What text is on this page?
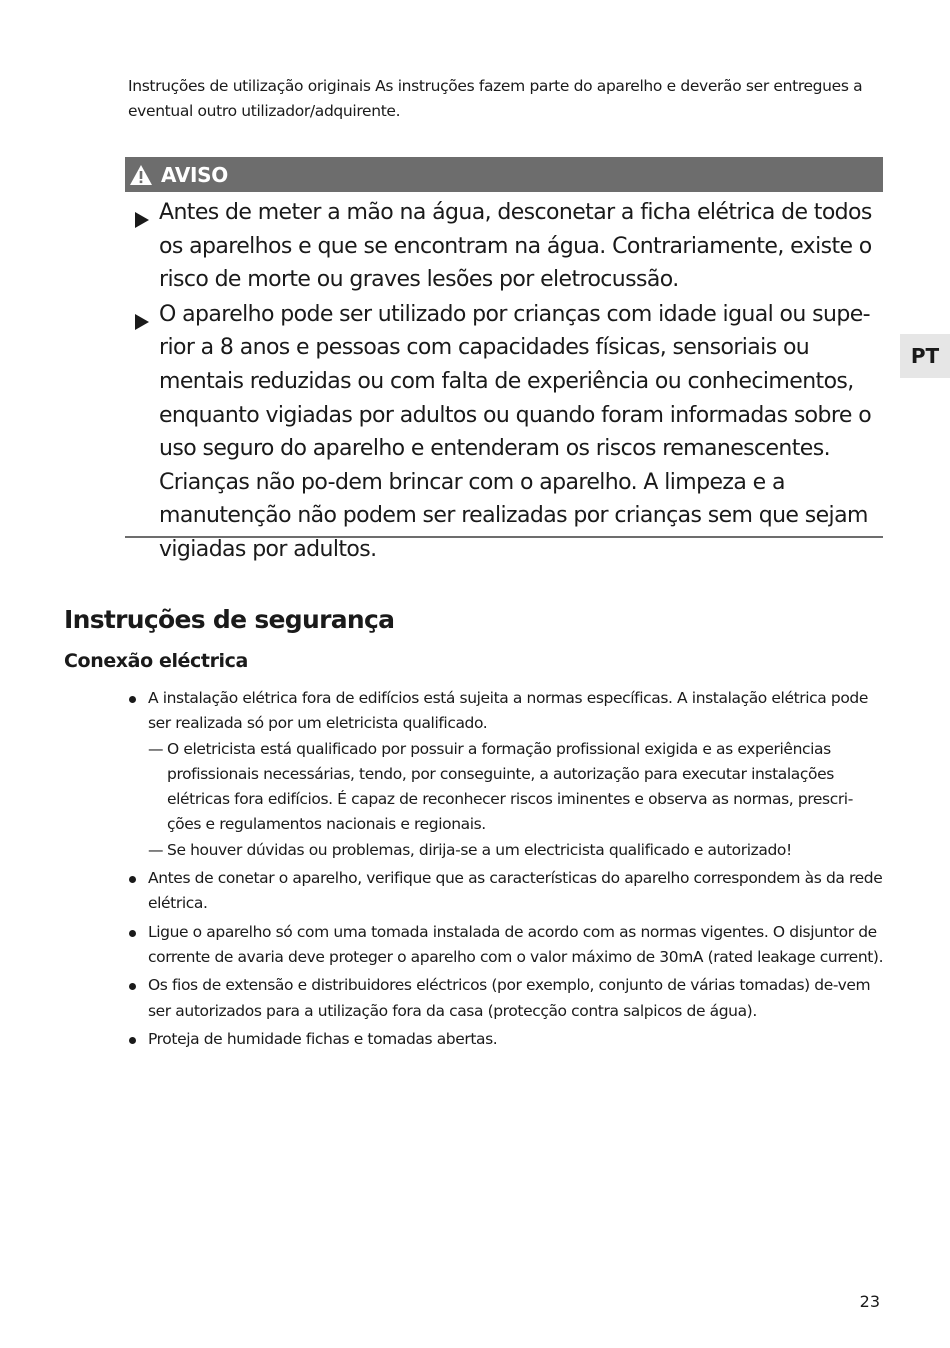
Instruções de utilização originais As instruções fazem parte do aparelho e deverão ser entregues a eventual outro utilizador/adquirente.
AVISO
Antes de meter a mão na água, desconetar a ficha elétrica de todos os aparelhos e que se encontram na água. Contrariamente, existe o risco de morte ou graves lesões por eletrocussão.
O aparelho pode ser utilizado por crianças com idade igual ou supe-rior a 8 anos e pessoas com capacidades físicas, sensoriais ou mentais reduzidas ou com falta de experiência ou conhecimentos, enquanto vigiadas por adultos ou quando foram informadas sobre o uso seguro do aparelho e entenderam os riscos remanescentes. Crianças não po-dem brincar com o aparelho. A limpeza e a manutenção não podem ser realizadas por crianças sem que sejam vigiadas por adultos.
PT
Instruções de segurança
Conexão eléctrica
A instalação elétrica fora de edifícios está sujeita a normas específicas. A instalação elétrica pode ser realizada só por um eletricista qualificado.
— O eletricista está qualificado por possuir a formação profissional exigida e as experiências profissionais necessárias, tendo, por conseguinte, a autorização para executar instalações elétricas fora edifícios. É capaz de reconhecer riscos iminentes e observa as normas, prescri-ções e regulamentos nacionais e regionais.
— Se houver dúvidas ou problemas, dirija-se a um electricista qualificado e autorizado!
Antes de conetar o aparelho, verifique que as características do aparelho correspondem às da rede elétrica.
Ligue o aparelho só com uma tomada instalada de acordo com as normas vigentes. O disjuntor de corrente de avaria deve proteger o aparelho com o valor máximo de 30mA (rated leakage current).
Os fios de extensão e distribuidores eléctricos (por exemplo, conjunto de várias tomadas) de-vem ser autorizados para a utilização fora da casa (protecção contra salpicos de água).
Proteja de humidade fichas e tomadas abertas.
23
